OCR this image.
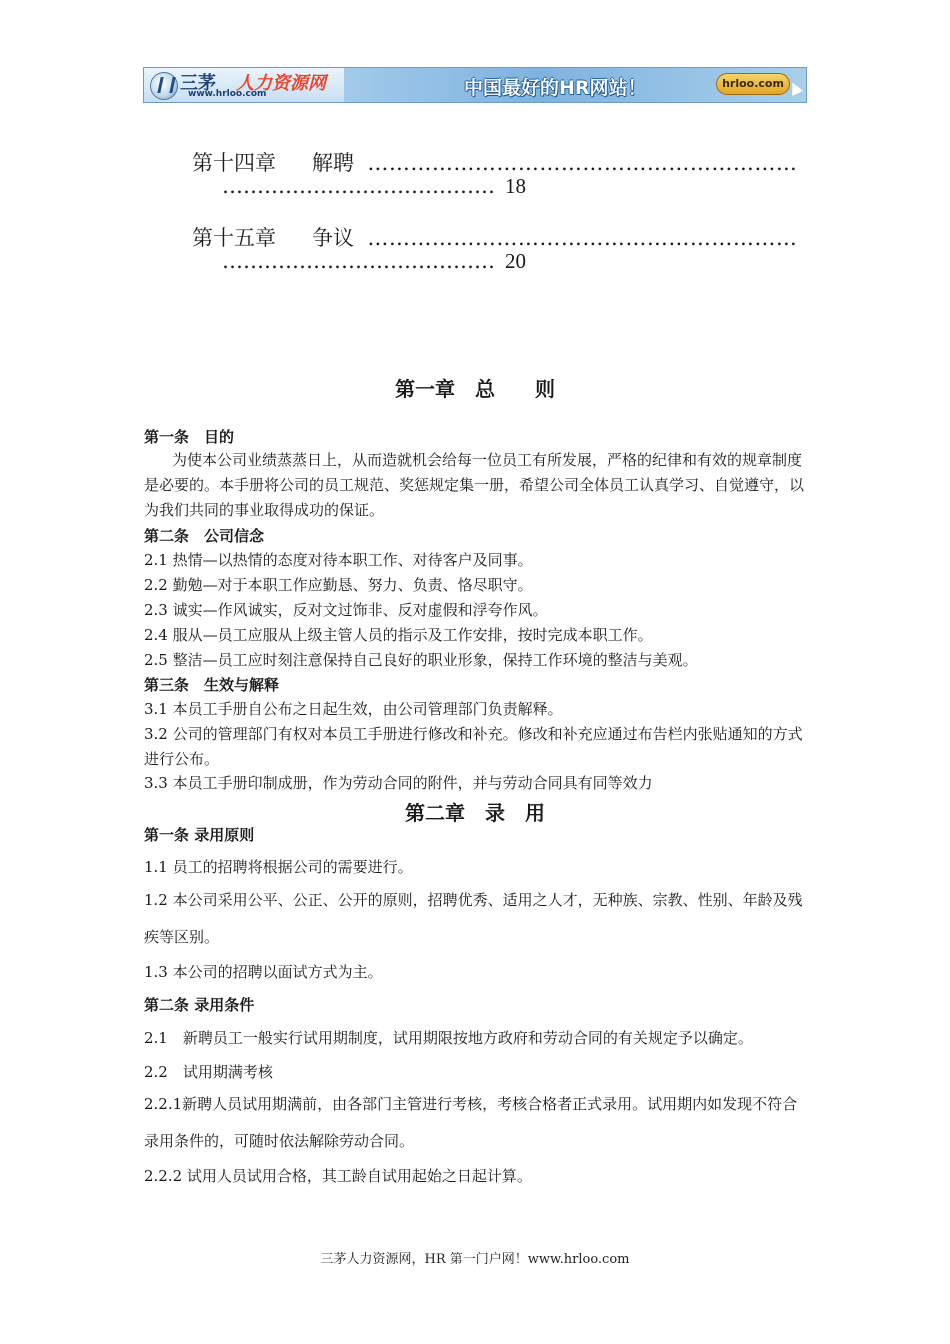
三茅 人力资源网
www.hrloo.com	中国最好的HR网站！	hrloo.com
第十四章 解聘 ……………………………………………………
………………………………… 18
第十五章 争议 ……………………………………………………
………………………………… 20
第一章　总　　则
第一条　目的
为使本公司业绩蒸蒸日上，从而造就机会给每一位员工有所发展，严格的纪律和有效的规章制度是必要的。本手册将公司的员工规范、奖惩规定集一册，希望公司全体员工认真学习、自觉遵守，以为我们共同的事业取得成功的保证。
第二条　公司信念
2.1 热情—以热情的态度对待本职工作、对待客户及同事。
2.2 勤勉—对于本职工作应勤恳、努力、负责、恪尽职守。
2.3 诚实—作风诚实，反对文过饰非、反对虚假和浮夸作风。
2.4 服从—员工应服从上级主管人员的指示及工作安排，按时完成本职工作。
2.5 整洁—员工应时刻注意保持自己良好的职业形象，保持工作环境的整洁与美观。
第三条　生效与解释
3.1 本员工手册自公布之日起生效，由公司管理部门负责解释。
3.2 公司的管理部门有权对本员工手册进行修改和补充。修改和补充应通过布告栏内张贴通知的方式进行公布。
3.3 本员工手册印制成册，作为劳动合同的附件，并与劳动合同具有同等效力
第二章　录　用
第一条 录用原则
1.1 员工的招聘将根据公司的需要进行。
1.2 本公司采用公平、公正、公开的原则，招聘优秀、适用之人才，无种族、宗教、性别、年龄及残疾等区别。
1.3 本公司的招聘以面试方式为主。
第二条 录用条件
2.1　新聘员工一般实行试用期制度，试用期限按地方政府和劳动合同的有关规定予以确定。
2.2　试用期满考核
2.2.1新聘人员试用期满前，由各部门主管进行考核，考核合格者正式录用。试用期内如发现不符合录用条件的，可随时依法解除劳动合同。
2.2.2 试用人员试用合格，其工龄自试用起始之日起计算。
三茅人力资源网，HR 第一门户网！www.hrloo.com
